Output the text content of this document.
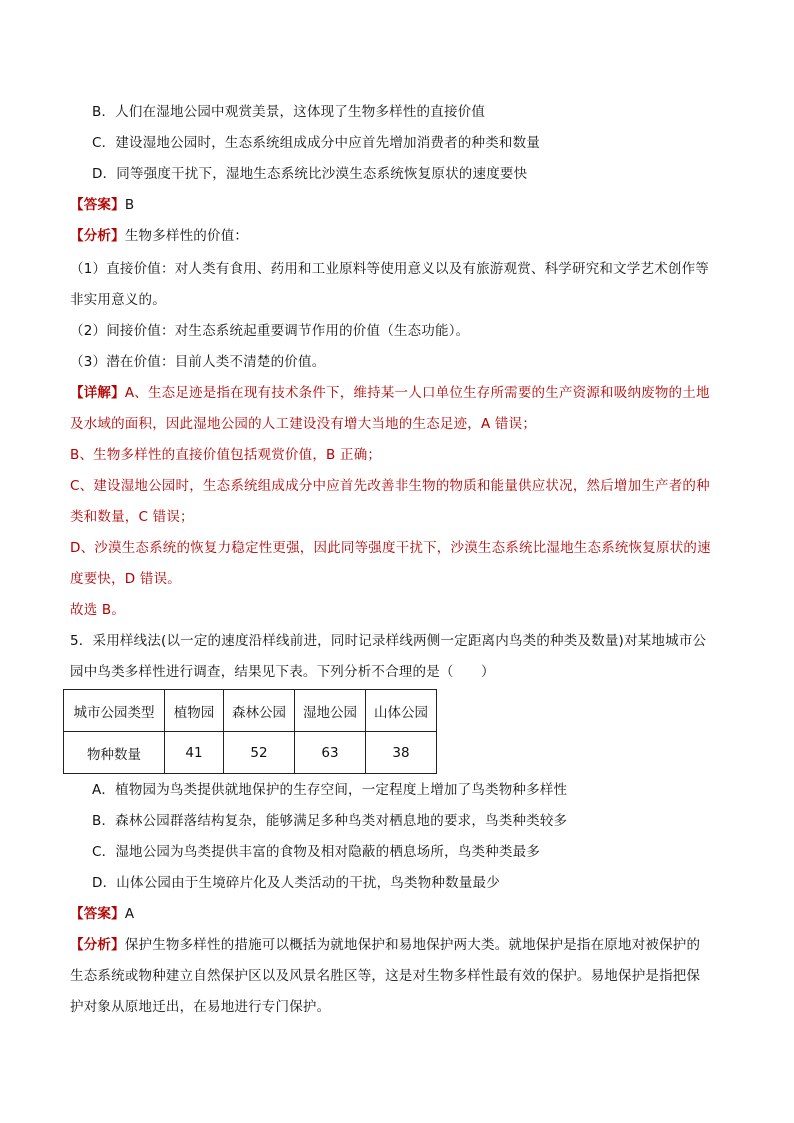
B．人们在湿地公园中观赏美景，这体现了生物多样性的直接价值
C．建设湿地公园时，生态系统组成成分中应首先增加消费者的种类和数量
D．同等强度干扰下，湿地生态系统比沙漠生态系统恢复原状的速度要快
【答案】B
【分析】生物多样性的价值：
（1）直接价值：对人类有食用、药用和工业原料等使用意义以及有旅游观赏、科学研究和文学艺术创作等
非实用意义的。
（2）间接价值：对生态系统起重要调节作用的价值（生态功能）。
（3）潜在价值：目前人类不清楚的价值。
【详解】A、生态足迹是指在现有技术条件下，维持某一人口单位生存所需要的生产资源和吸纳废物的土地
及水域的面积，因此湿地公园的人工建设没有增大当地的生态足迹，A 错误；
B、生物多样性的直接价值包括观赏价值，B 正确；
C、建设湿地公园时，生态系统组成成分中应首先改善非生物的物质和能量供应状况，然后增加生产者的种
类和数量，C 错误；
D、沙漠生态系统的恢复力稳定性更强，因此同等强度干扰下，沙漠生态系统比湿地生态系统恢复原状的速
度要快，D 错误。
故选 B。
5．采用样线法(以一定的速度沿样线前进，同时记录样线两侧一定距离内鸟类的种类及数量)对某地城市公
园中鸟类多样性进行调查，结果见下表。下列分析不合理的是（　　）
城市公园类型	植物园	森林公园	湿地公园	山体公园
物种数量	41	52	63	38
A．植物园为鸟类提供就地保护的生存空间，一定程度上增加了鸟类物种多样性
B．森林公园群落结构复杂，能够满足多种鸟类对栖息地的要求，鸟类种类较多
C．湿地公园为鸟类提供丰富的食物及相对隐蔽的栖息场所，鸟类种类最多
D．山体公园由于生境碎片化及人类活动的干扰，鸟类物种数量最少
【答案】A
【分析】保护生物多样性的措施可以概括为就地保护和易地保护两大类。就地保护是指在原地对被保护的
生态系统或物种建立自然保护区以及风景名胜区等，这是对生物多样性最有效的保护。易地保护是指把保
护对象从原地迁出，在易地进行专门保护。
